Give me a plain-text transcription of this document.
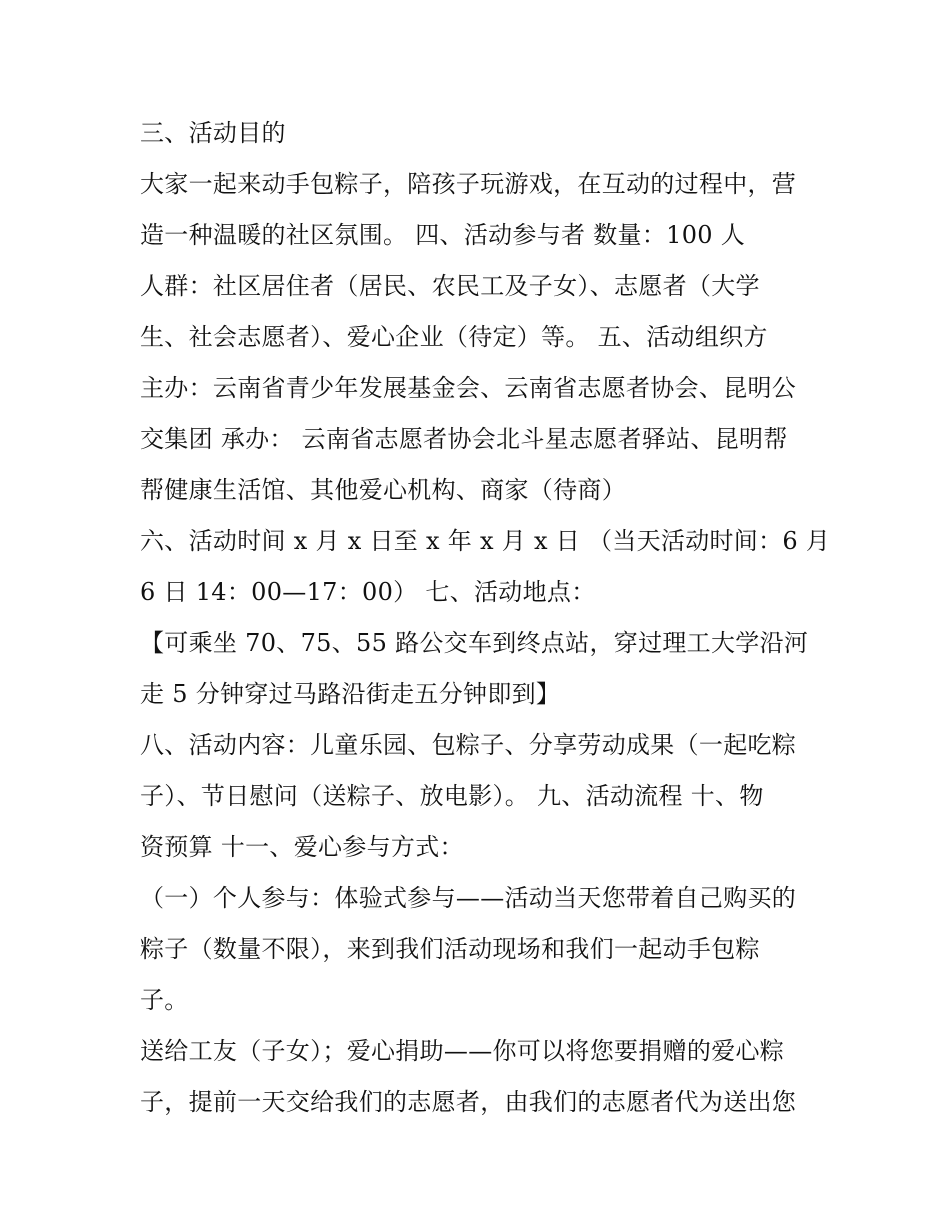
三、活动目的
大家一起来动手包粽子，陪孩子玩游戏，在互动的过程中，营
造一种温暖的社区氛围。 四、活动参与者 数量：100 人
人群：社区居住者（居民、农民工及子女）、志愿者（大学
生、社会志愿者）、爱心企业（待定）等。 五、活动组织方
主办：云南省青少年发展基金会、云南省志愿者协会、昆明公
交集团 承办： 云南省志愿者协会北斗星志愿者驿站、昆明帮
帮健康生活馆、其他爱心机构、商家（待商）
六、活动时间 x 月 x 日至 x 年 x 月 x 日 （当天活动时间：6 月
6 日 14：00—17：00） 七、活动地点：
【可乘坐 70、75、55 路公交车到终点站，穿过理工大学沿河
走 5 分钟穿过马路沿街走五分钟即到】
八、活动内容：儿童乐园、包粽子、分享劳动成果（一起吃粽
子）、节日慰问（送粽子、放电影）。 九、活动流程 十、物
资预算 十一、爱心参与方式：
（一）个人参与：体验式参与——活动当天您带着自己购买的
粽子（数量不限），来到我们活动现场和我们一起动手包粽
子。
送给工友（子女）；爱心捐助——你可以将您要捐赠的爱心粽
子，提前一天交给我们的志愿者，由我们的志愿者代为送出您
